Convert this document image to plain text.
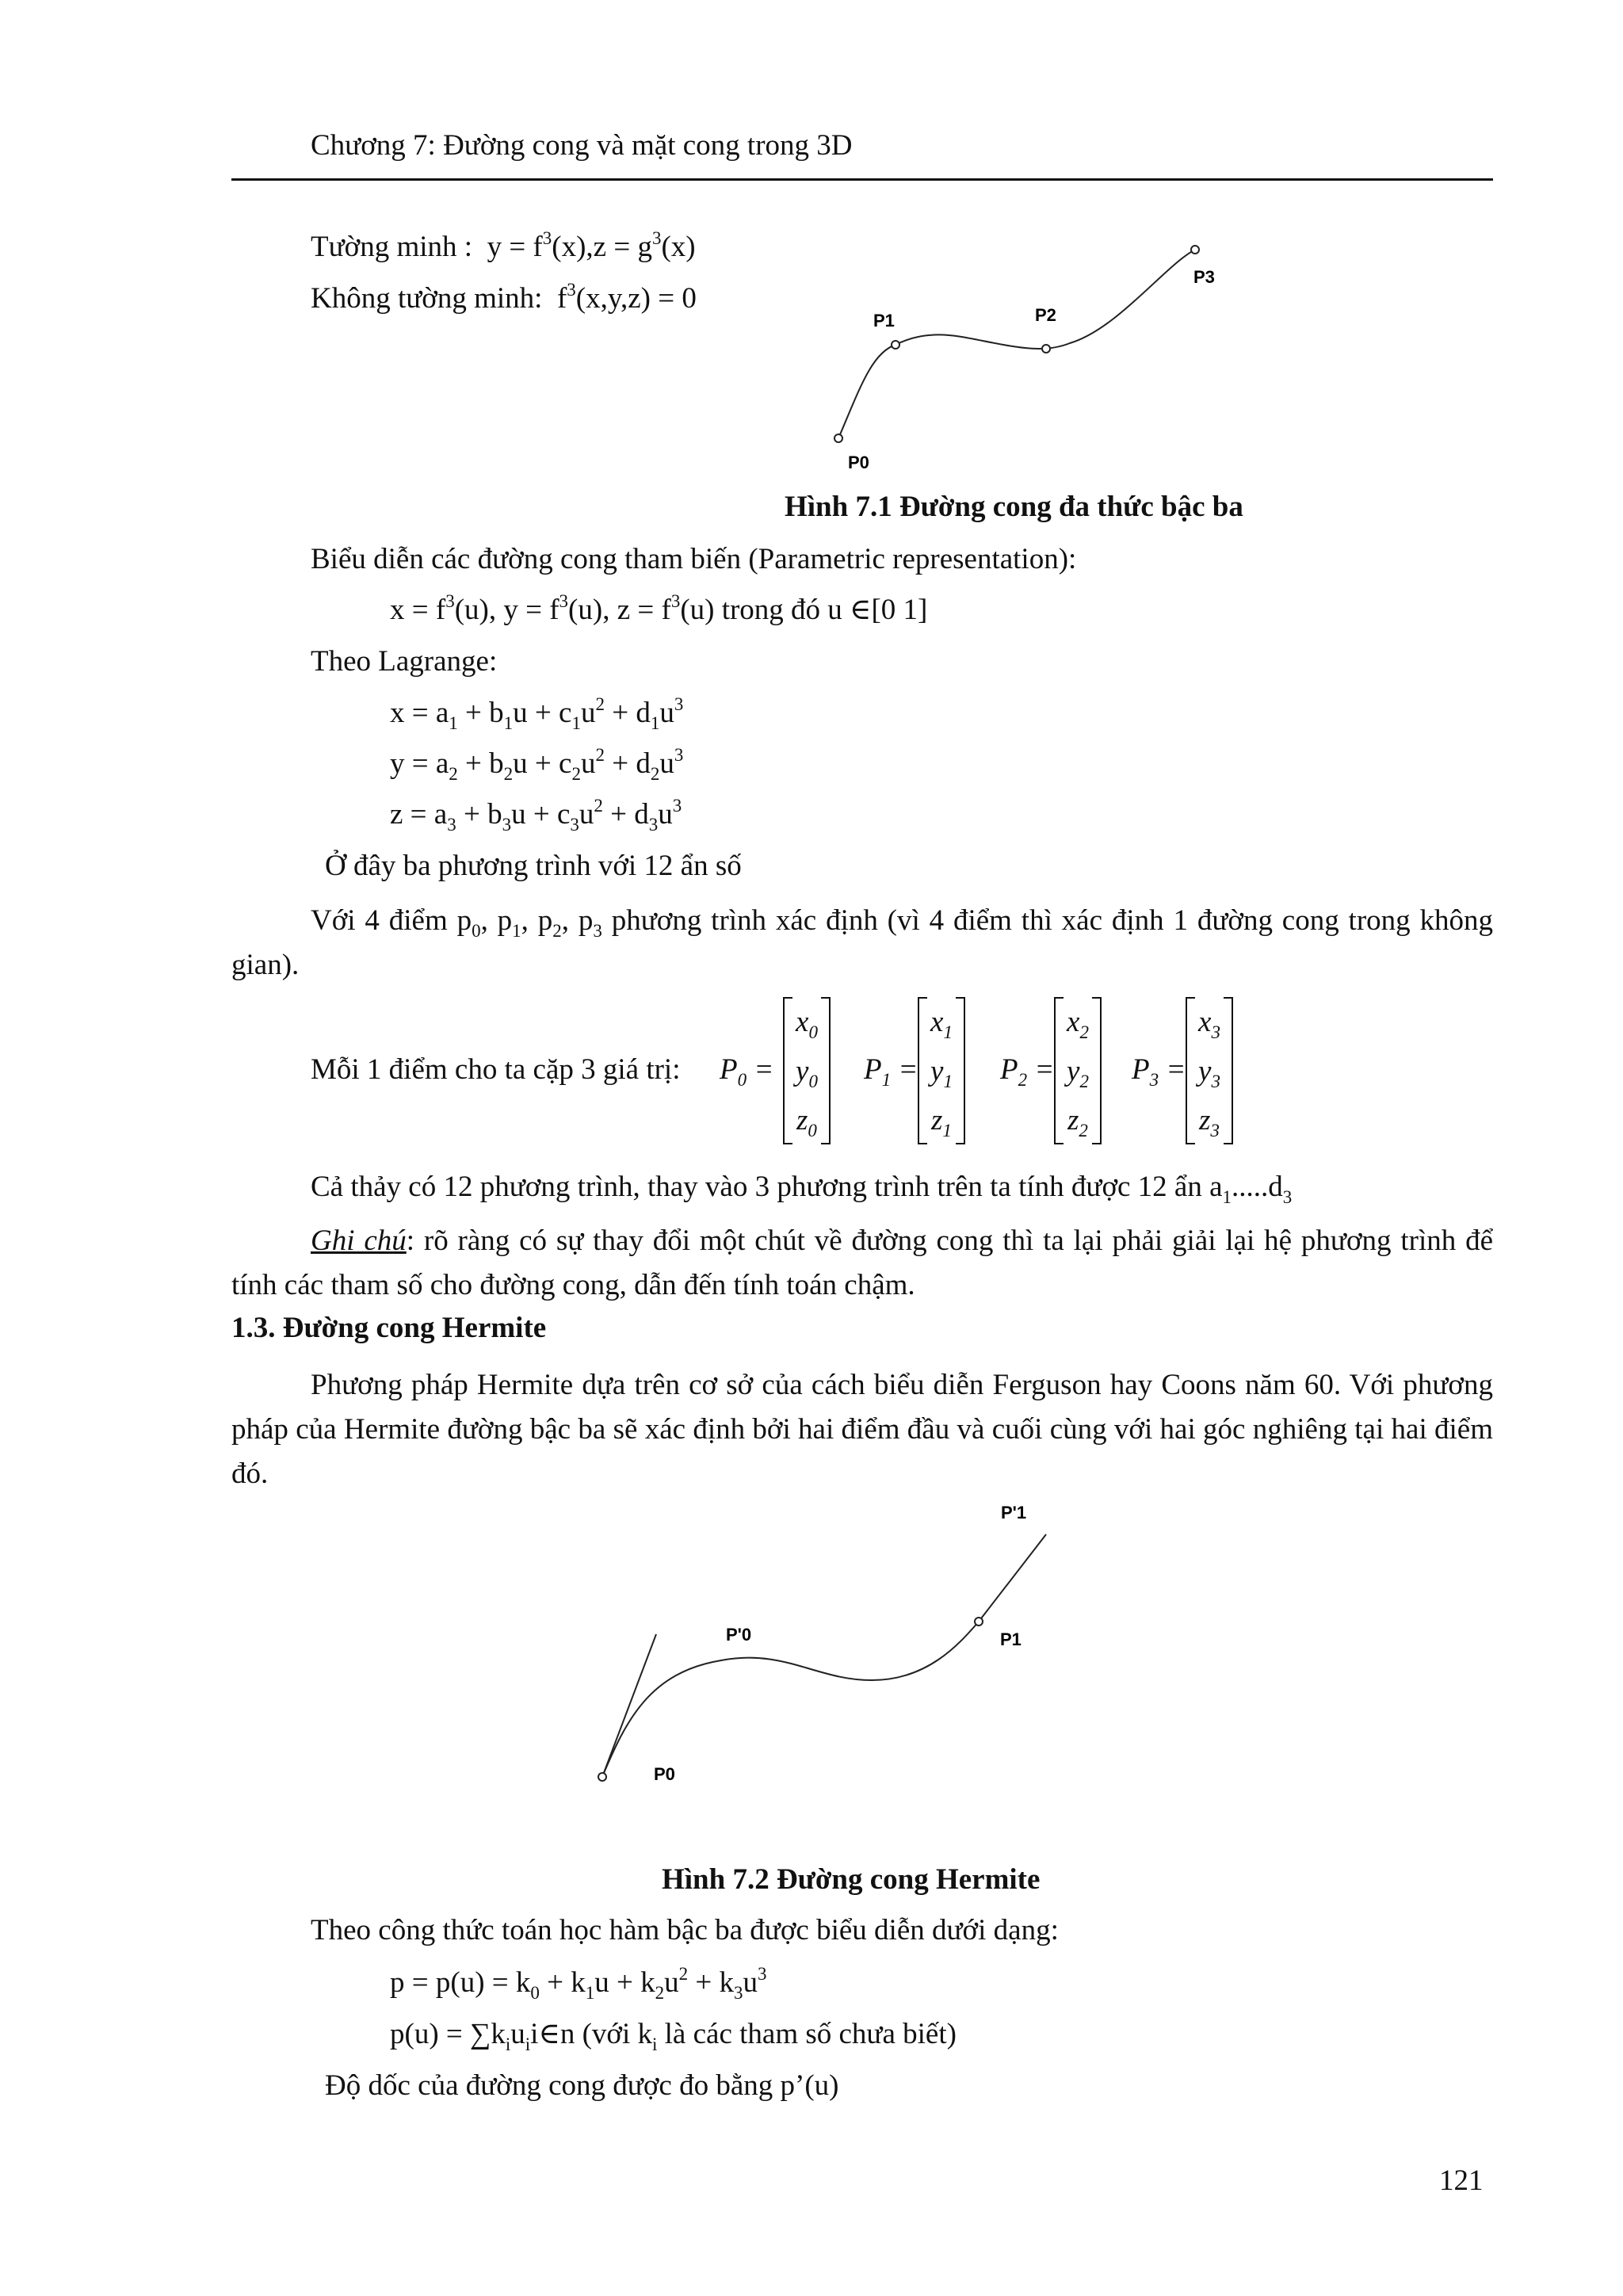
Chương 7: Đường cong và mặt cong trong 3D
Tường minh : $y = f^3(x),z = g^3(x)$
Không tường minh: $f^3(x,y,z) = 0$
P0
P1	P2
P3
Hình 7.1 Đường cong đa thức bậc ba
Biểu diễn các đường cong tham biến (Parametric representation):
$x = f^3(u)$, $y = f^3(u)$, $z = f^3(u)$ trong đó u ∈[0 1]
Theo Lagrange:
$x = a_1 + b_1u + c_1u^2 + d_1u^3$
$y = a_2 + b_2u + c_2u^2 + d_2u^3$
$z = a_3 + b_3u + c_3u^2 + d_3u^3$
Ở đây ba phương trình với 12 ẩn số
Với 4 điểm $p_0$, $p_1$, $p_2$, $p_3$ phương trình xác định (vì 4 điểm thì xác định 1 đường cong trong không gian).
Mỗi 1 điểm cho ta cặp 3 giá trị: $P_0$ =
$x_0$
$y_0$
$z_0$
$P_1$ =
$x_1$
$y_1$
$z_1$
$P_2$ =
$x_2$
$y_2$
$z_2$
$P_3$ =
$x_3$
$y_3$
$z_3$
Cả thảy có 12 phương trình, thay vào 3 phương trình trên ta tính được 12 ẩn $a_1.....d_3$
Ghi chú: rõ ràng có sự thay đổi một chút về đường cong thì ta lại phải giải lại hệ phương trình để tính các tham số cho đường cong, dẫn đến tính toán chậm.
1.3. Đường cong Hermite
Phương pháp Hermite dựa trên cơ sở của cách biểu diễn Ferguson hay Coons năm 60. Với phương pháp của Hermite đường bậc ba sẽ xác định bởi hai điểm đầu và cuối cùng với hai góc nghiêng tại hai điểm đó.
P0
P1
P'0
P'1
Hình 7.2 Đường cong Hermite
Theo công thức toán học hàm bậc ba được biểu diễn dưới dạng:
$p = p(u) = k_0 + k_1u + k_2u^2 + k_3u^3$
$p(u) = \sum k_iu_ii\in n$ (với $k_i$ là các tham số chưa biết)
Độ dốc của đường cong được đo bằng p’(u)
121
